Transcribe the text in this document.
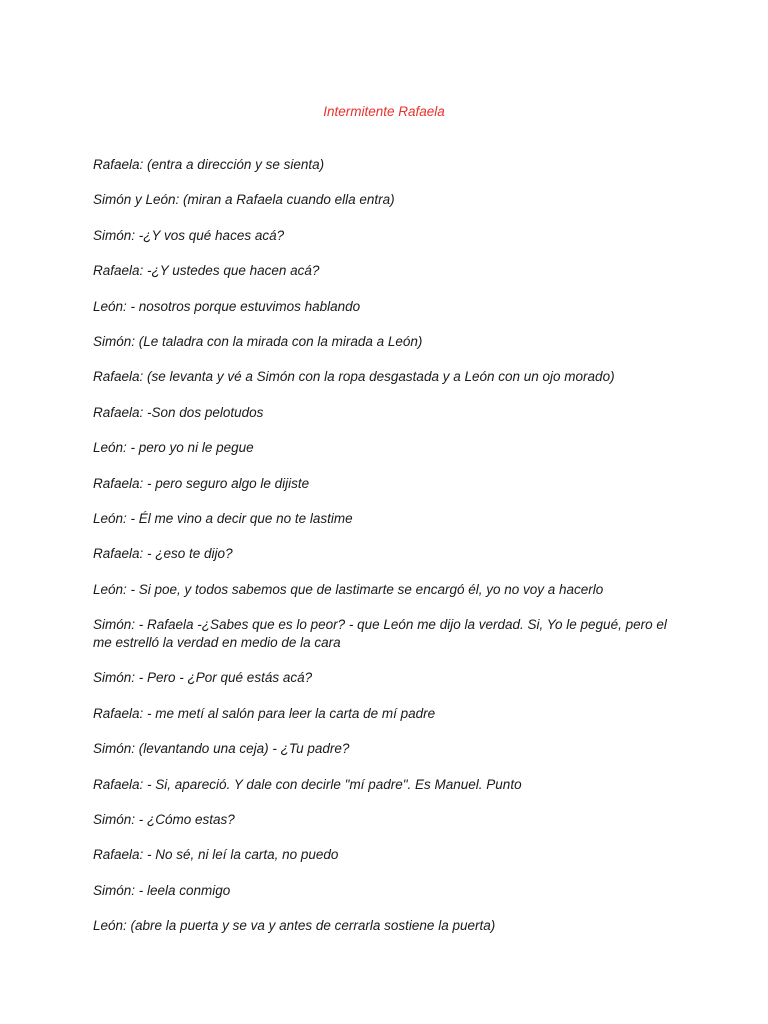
Intermitente Rafaela
Rafaela: (entra a dirección y se sienta)
Simón y León: (miran a Rafaela cuando ella entra)
Simón: -¿Y vos qué haces acá?
Rafaela: -¿Y ustedes que hacen acá?
León: - nosotros porque estuvimos hablando
Simón: (Le taladra con la mirada con la mirada a León)
Rafaela: (se levanta y vé a Simón con la ropa desgastada y a León con un ojo morado)
Rafaela: -Son dos pelotudos
León: - pero yo ni le pegue
Rafaela: - pero seguro algo le dijiste
León: - Él me vino a decir que no te lastime
Rafaela: - ¿eso te dijo?
León: - Si poe, y todos sabemos que de lastimarte se encargó él, yo no voy a hacerlo
Simón: - Rafaela -¿Sabes que es lo peor? - que León me dijo la verdad. Si, Yo le pegué, pero el me estrelló la verdad en medio de la cara
Simón: - Pero - ¿Por qué estás acá?
Rafaela: - me metí al salón para leer la carta de mí padre
Simón: (levantando una ceja) - ¿Tu padre?
Rafaela: - Si, apareció. Y dale con decirle "mí padre". Es Manuel. Punto
Simón: - ¿Cómo estas?
Rafaela: - No sé, ni leí la carta, no puedo
Simón: - leela conmigo
León: (abre la puerta y se va y antes de cerrarla sostiene la puerta)
